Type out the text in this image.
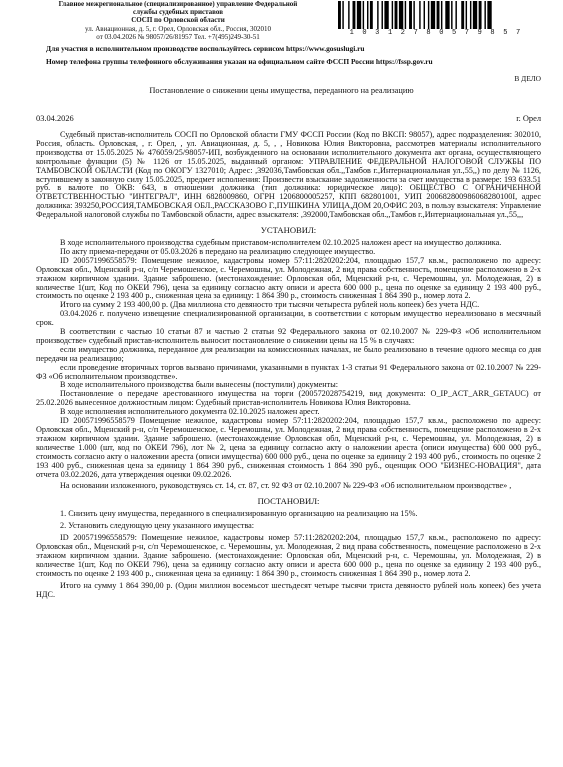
Главное межрегиональное (специализированное) управление Федеральной
службы судебных приставов
СОСП по Орловской области
ул. Авиационная, д. 5, г. Орел, Орловская обл., Россия, 302010
от 03.04.2026 № 98057/26/81957 Тел. +7(495)249-30-51	1 0 3 1 2 7 8 0 5 7 9 8 5 7
Для участия в исполнительном производстве воспользуйтесь сервисом https://www.gosuslugi.ru
Номер телефона группы телефонного обслуживания указан на официальном сайте ФССП России https://fssp.gov.ru
В ДЕЛО
Постановление о снижении цены имущества, переданного на реализацию
03.04.2026	г. Орел

Судебный пристав-исполнитель СОСП по Орловской области ГМУ ФССП России (Код по ВКСП: 98057), адрес подразделения: 302010, Россия, область. Орловская, , г. Орел, , ул. Авиационная, д. 5, , , Новикова Юлия Викторовна, рассмотрев материалы исполнительного производства от 15.05.2025 № 476059/25/98057-ИП, возбужденного на основании исполнительного документа акт органа, осуществляющего контрольные функции (5) № 1126 от 15.05.2025, выданный органом: УПРАВЛЕНИЕ ФЕДЕРАЛЬНОЙ НАЛОГОВОЙ СЛУЖБЫ ПО ТАМБОВСКОЙ ОБЛАСТИ (Код по ОКОГУ 1327010; Адрес: ,392036,Тамбовская обл.,,Тамбов г.,Интернациональная ул.,55,,) по делу № 1126, вступившему в законную силу 15.05.2025, предмет исполнения: Произвести взыскание задолженности за счет имущества в размере: 193 633.51 руб. в валюте по ОКВ: 643, в отношении должника (тип должника: юридическое лицо): ОБЩЕСТВО С ОГРАНИЧЕННОЙ ОТВЕТСТВЕННОСТЬЮ "ИНТЕГРАЛ", ИНН 6828009860, ОГРН 1206800005257, КПП 682801001, УИП 200682800986068280100I, адрес должника: 393250,РОССИЯ,ТАМБОВСКАЯ ОБЛ.,РАССКАЗОВО Г.,ПУШКИНА УЛИЦА,ДОМ 20,ОФИС 203, в пользу взыскателя: Управление Федеральной налоговой службы по Тамбовской области, адрес взыскателя: ,392000,Тамбовская обл.,,Тамбов г.,Интернациональная ул.,55,,,

УСТАНОВИЛ:

В ходе исполнительного производства судебным приставом-исполнителем 02.10.2025 наложен арест на имущество должника.

По акту приема-передачи от 05.03.2026 в передано на реализацию следующее имущество.

ID 200571996558579: Помещение нежилое, кадастровы номер 57:11:2820202:204, площадью 157,7 кв.м., расположено по адресу: Орловская обл., Мценский р-н, с/п Черемошенское, с. Черемошны, ул. Молодежная, 2 вид права собственность, помещение расположено в 2-х этажном кирпичном здании. Здание заброшено. (местонахождение: Орловская обл, Мценский р-н, с. Черемошны, ул. Молодежная, 2) в количестве 1(шт, Код по ОКЕИ 796), цена за единицу согласно акту описи и ареста 600 000 р., цена по оценке за единицу 2 193 400 руб., стоимость по оценке 2 193 400 р., сниженная цена за единицу: 1 864 390 р., стоимость сниженная 1 864 390 р., номер лота 2.

Итого на сумму 2 193 400,00 р. (Два миллиона сто девяносто три тысячи четыреста рублей ноль копеек) без учета НДС.

03.04.2026 г. получено извещение специализированной организации, в соответствии с которым имущество нереализовано в месячный срок.

В соответствии с частью 10 статьи 87 и частью 2 статьи 92 Федерального закона от 02.10.2007 № 229-ФЗ «Об исполнительном производстве» судебный пристав-исполнитель выносит постановление о снижении цены на 15 % в случаях:

если имущество должника, переданное для реализации на комиссионных началах, не было реализовано в течение одного месяца со дня передачи на реализацию;

если проведение вторичных торгов вызвано причинами, указанными в пунктах 1-3 статьи 91 Федерального закона от 02.10.2007 № 229-ФЗ «Об исполнительном производстве».

В ходе исполнительного производства были вынесены (поступили) документы:

Постановление о передаче арестованного имущества на торги (200572028754219, вид документа: O_IP_ACT_ARR_GETAUC) от 25.02.2026 вынесенное должностным лицом: Судебный пристав-исполнитель Новикова Юлия Викторовна.

В ходе исполнения исполнительного документа 02.10.2025 наложен арест.

ID 200571996558579 Помещение нежилое, кадастровы номер 57:11:2820202:204, площадью 157,7 кв.м., расположено по адресу: Орловская обл., Мценский р-н, с/п Черемошенское, с. Черемошны, ул. Молодежная, 2 вид права собственность, помещение расположено в 2-х этажном кирпичном здании. Здание заброшено. (местонахождение Орловская обл, Мценский р-н, с. Черемошны, ул. Молодежная, 2) в количестве 1.000 (шт, код по ОКЕИ 796), лот № 2, цена за единицу согласно акту о наложении ареста (описи имущества) 600 000 руб., стоимость согласно акту о наложении ареста (описи имущества) 600 000 руб., цена по оценке за единицу 2 193 400 руб., стоимость по оценке 2 193 400 руб., сниженная цена за единицу 1 864 390 руб., сниженная стоимость 1 864 390 руб., оценщик ООО "БИЗНЕС-НОВАЦИЯ", дата отчета 03.02.2026, дата утверждения оценки 09.02.2026.

На основании изложенного, руководствуясь ст. 14, ст. 87, ст. 92 ФЗ от 02.10.2007 № 229-ФЗ «Об исполнительном производстве» ,

ПОСТАНОВИЛ:

1. Снизить цену имущества, переданного в специализированную организацию на реализацию на 15%.

2. Установить следующую цену указанного имущества:

ID 200571996558579: Помещение нежилое, кадастровы номер 57:11:2820202:204, площадью 157,7 кв.м., расположено по адресу: Орловская обл., Мценский р-н, с/п Черемошенское, с. Черемошны, ул. Молодежная, 2 вид права собственность, помещение расположено в 2-х этажном кирпичном здании. Здание заброшено. (местонахождение: Орловская обл, Мценский р-н, с. Черемошны, ул. Молодежная, 2) в количестве 1(шт, Код по ОКЕИ 796), цена за единицу согласно акту описи и ареста 600 000 р., цена по оценке за единицу 2 193 400 руб., стоимость по оценке 2 193 400 р., сниженная цена за единицу: 1 864 390 р., стоимость сниженная 1 864 390 р., номер лота 2.

Итого на сумму 1 864 390,00 р. (Один миллион восемьсот шестьдесят четыре тысячи триста девяносто рублей ноль копеек) без учета НДС.
